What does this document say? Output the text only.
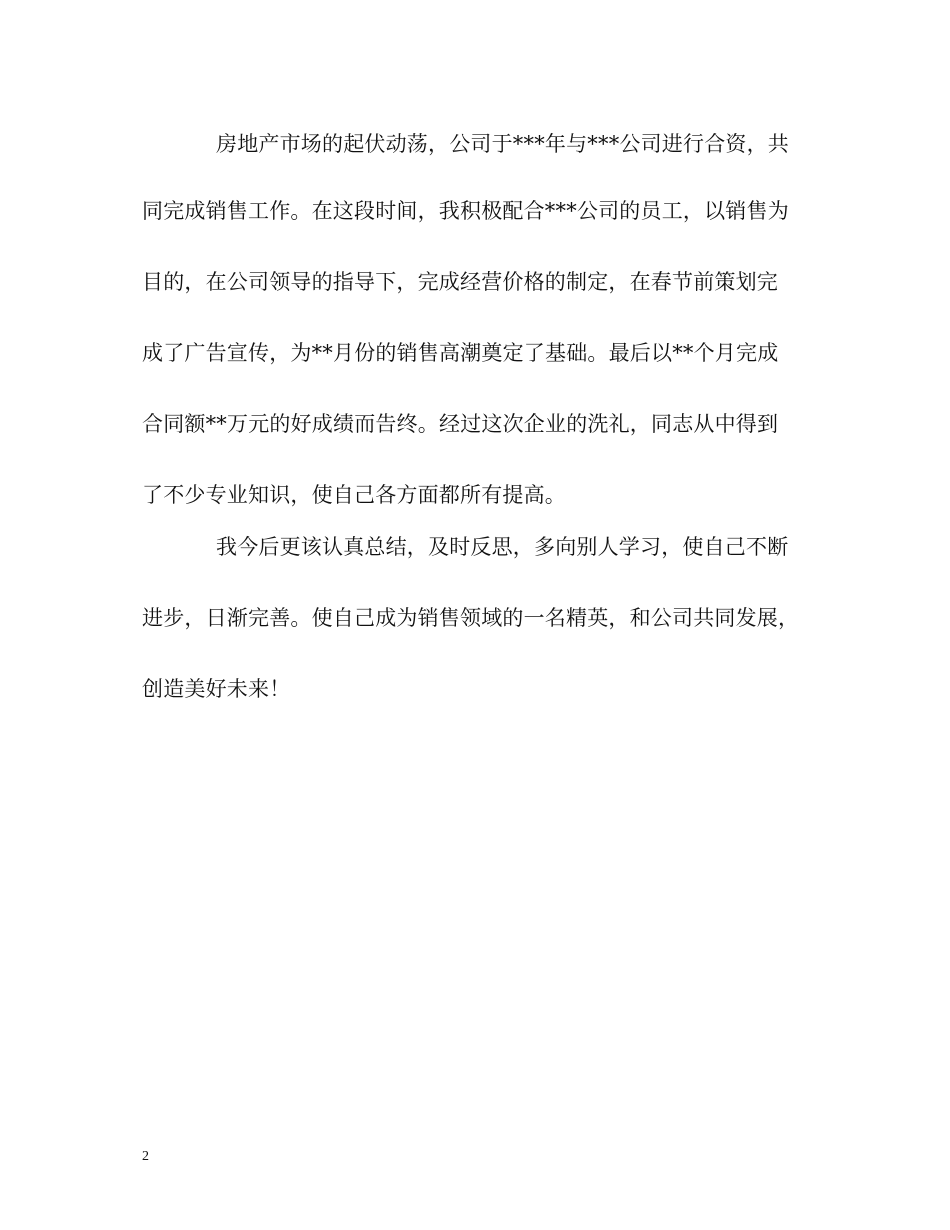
房地产市场的起伏动荡，公司于***年与***公司进行合资，共
同完成销售工作。在这段时间，我积极配合***公司的员工，以销售为
目的，在公司领导的指导下，完成经营价格的制定，在春节前策划完
成了广告宣传，为**月份的销售高潮奠定了基础。最后以**个月完成
合同额**万元的好成绩而告终。经过这次企业的洗礼，同志从中得到
了不少专业知识，使自己各方面都所有提高。
我今后更该认真总结，及时反思，多向别人学习，使自己不断
进步，日渐完善。使自己成为销售领域的一名精英，和公司共同发展，
创造美好未来！
2
